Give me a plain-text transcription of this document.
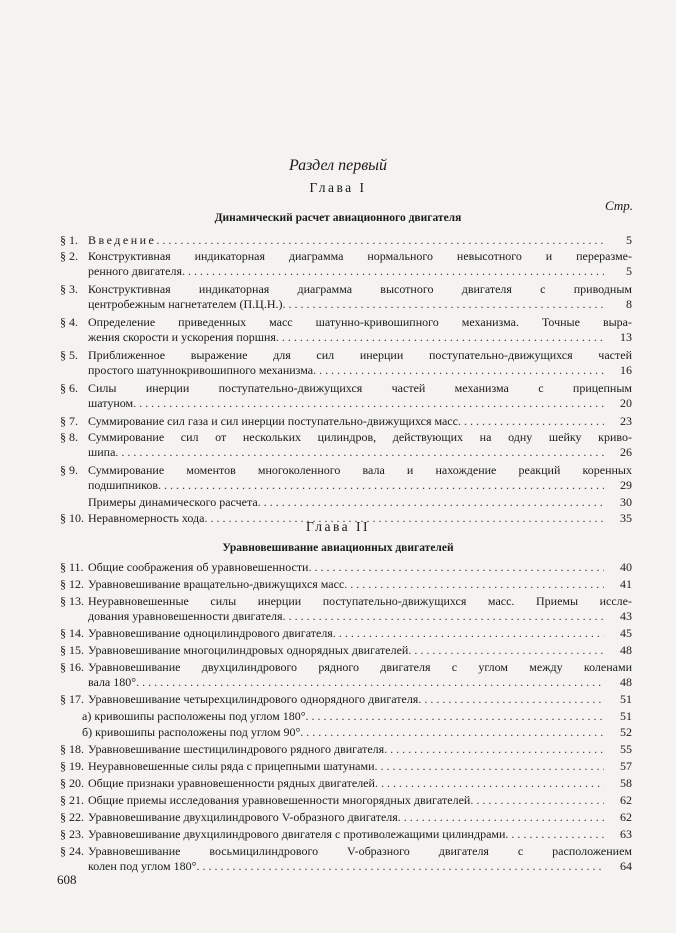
Раздел первый
Глава I
Стр.
Динамический расчет авиационного двигателя
§ 1. Введение . . .	5
§ 2. Конструктивная индикаторная диаграмма нормального невысотного и переразме-
ренного двигателя . . .	5
§ 3. Конструктивная индикаторная диаграмма высотного двигателя с приводным
центробежным нагнетателем (П.Ц.Н.) . . .	8
§ 4. Определение приведенных масс шатунно-кривошипного механизма. Точные выра-
жения скорости и ускорения поршня . . .	13
§ 5. Приближенное выражение для сил инерции поступательно-движущихся частей
простого шатуннокривошипного механизма . . .	16
§ 6. Силы инерции поступательно-движущихся частей механизма с прицепным
шатуном . . .	20
§ 7. Суммирование сил газа и сил инерции поступательно-движущихся масс . . .	23
§ 8. Суммирование сил от нескольких цилиндров, действующих на одну шейку криво-
шипа . . .	26
§ 9. Суммирование моментов многоколенного вала и нахождение реакций коренных
подшипников . . .	29
Примеры динамического расчета . . .	30
§ 10. Неравномерность хода . . .	35
Глава II
Уравновешивание авиационных двигателей
§ 11. Общие соображения об уравновешенности . . .	40
§ 12. Уравновешивание вращательно-движущихся масс . . .	41
§ 13. Неуравновешенные силы инерции поступательно-движущихся масс. Приемы иссле-
дования уравновешенности двигателя . . .	43
§ 14. Уравновешивание одноцилиндрового двигателя . . .	45
§ 15. Уравновешивание многоцилиндровых однорядных двигателей . . .	48
§ 16. Уравновешивание двухцилиндрового рядного двигателя с углом между коленами
вала 180° . . .	48
§ 17. Уравновешивание четырехцилиндрового однорядного двигателя . . .	51
а) кривошипы расположены под углом 180° . . .	51
б) кривошипы расположены под углом 90° . . .	52
§ 18. Уравновешивание шестицилиндрового рядного двигателя . . .	55
§ 19. Неуравновешенные силы ряда с прицепными шатунами . . .	57
§ 20. Общие признаки уравновешенности рядных двигателей . . .	58
§ 21. Общие приемы исследования уравновешенности многорядных двигателей . . .	62
§ 22. Уравновешивание двухцилиндрового V-образного двигателя . . .	62
§ 23. Уравновешивание двухцилиндрового двигателя с противолежащими цилиндрами . . .	63
§ 24. Уравновешивание восьмицилиндрового V-образного двигателя с расположением
колен под углом 180° . . .	64
608
